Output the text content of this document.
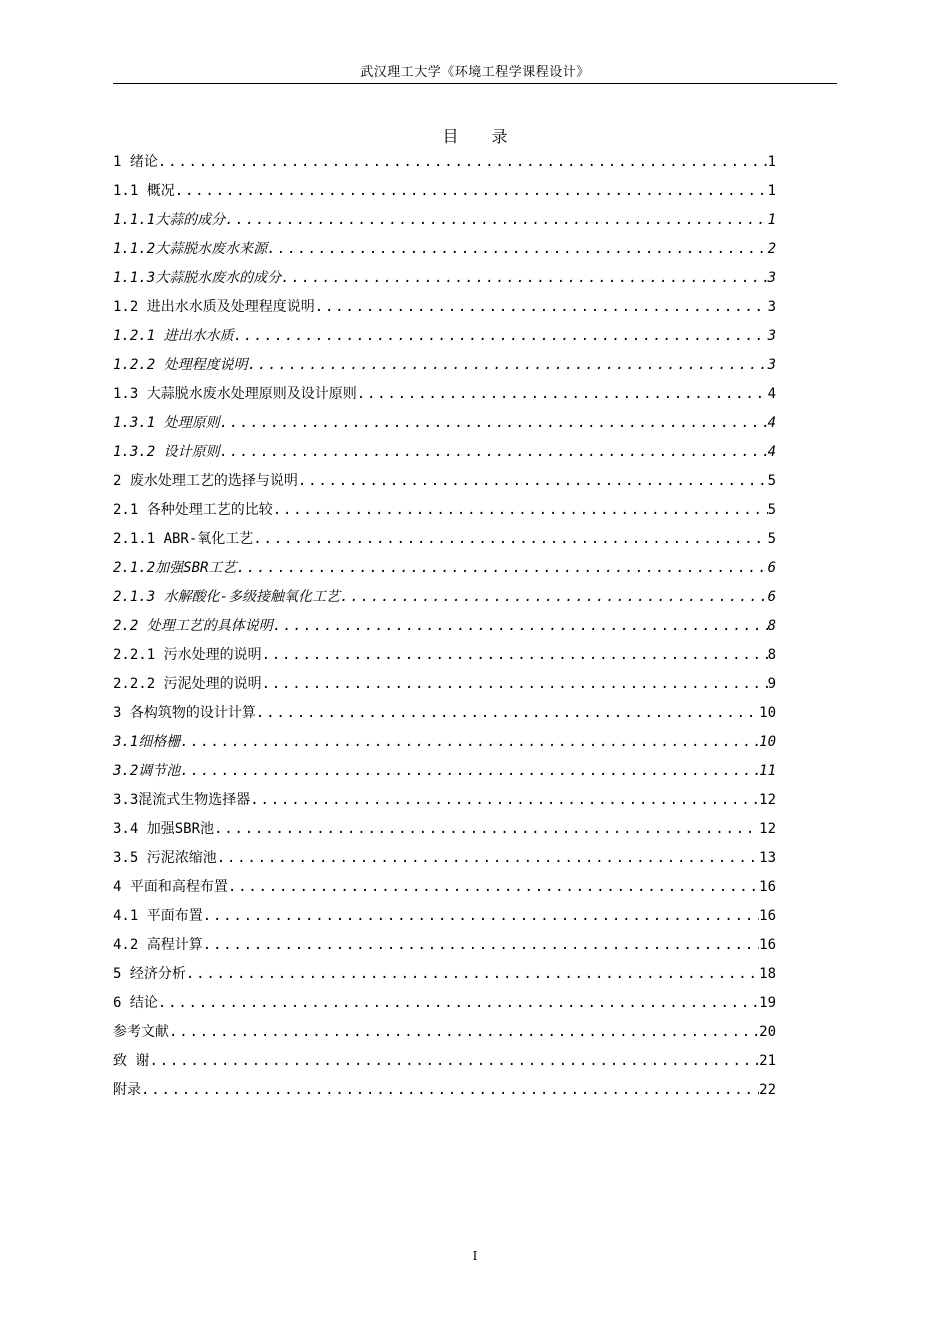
武汉理工大学《环境工程学课程设计》
目 录
1 绪论 .....	1
1.1 概况 .....	1
1.1.1大蒜的成分 .....	1
1.1.2大蒜脱水废水来源 .....	2
1.1.3大蒜脱水废水的成分 .....	3
1.2 进出水水质及处理程度说明 .....	3
1.2.1 进出水水质 .....	3
1.2.2 处理程度说明 .....	3
1.3 大蒜脱水废水处理原则及设计原则 .....	4
1.3.1 处理原则 .....	4
1.3.2 设计原则 .....	4
2 废水处理工艺的选择与说明 .....	5
2.1 各种处理工艺的比较 .....	5
2.1.1 ABR-氧化工艺 .....	5
2.1.2加强SBR工艺 .....	6
2.1.3 水解酸化-多级接触氧化工艺 .....	6
2.2 处理工艺的具体说明 .....	8
2.2.1 污水处理的说明 .....	8
2.2.2 污泥处理的说明 .....	9
3 各构筑物的设计计算 .....	10
3.1细格栅 .....	10
3.2调节池 .....	11
3.3混流式生物选择器 .....	12
3.4 加强SBR池 .....	12
3.5 污泥浓缩池 .....	13
4 平面和高程布置 .....	16
4.1 平面布置 .....	16
4.2 高程计算 .....	16
5 经济分析 .....	18
6 结论 .....	19
参考文献 .....	20
致 谢 .....	21
附录 .....	22
I
